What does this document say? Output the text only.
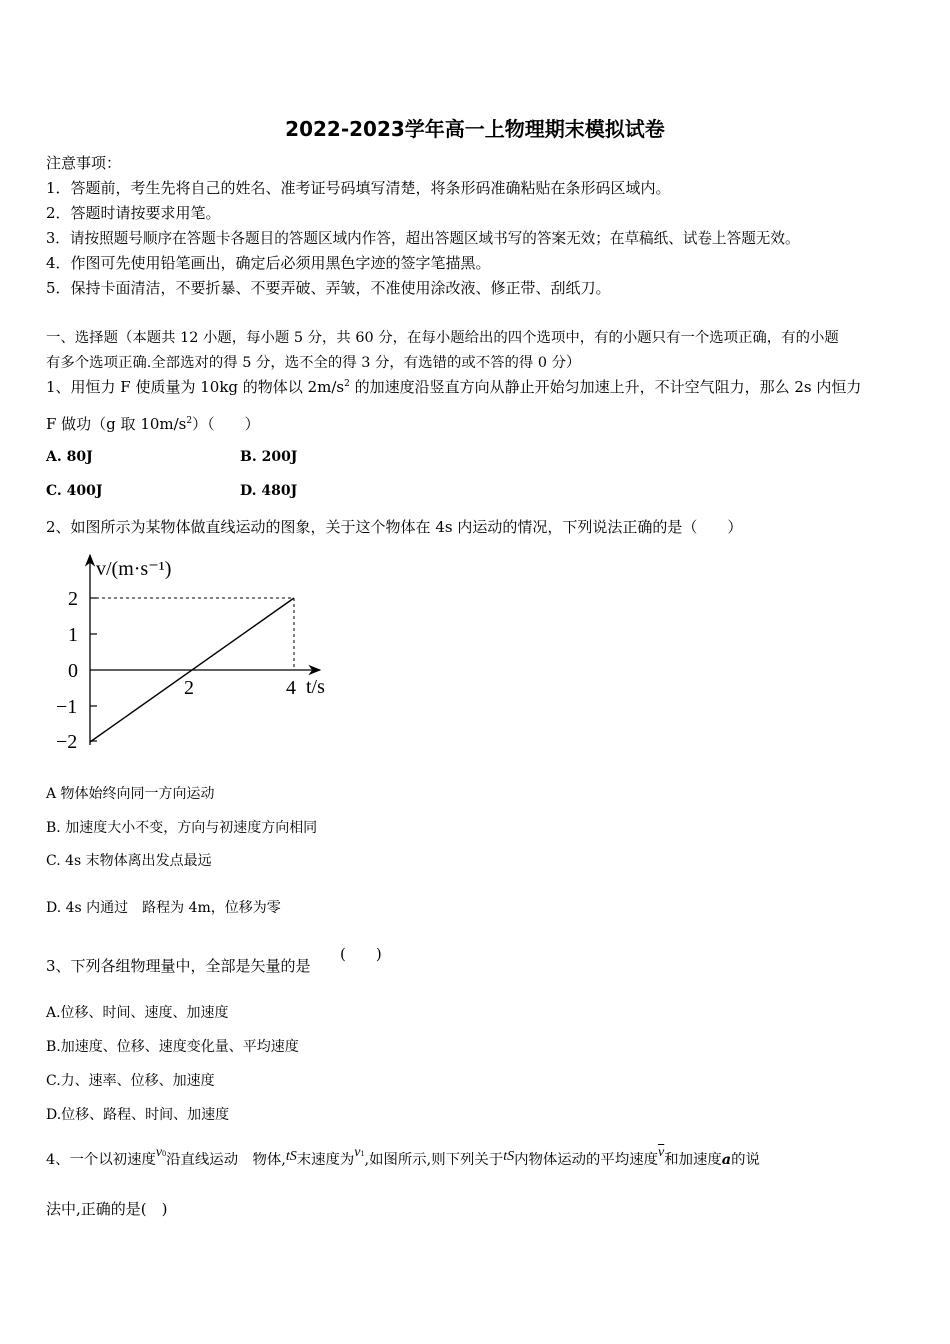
2022-2023学年高一上物理期末模拟试卷
注意事项：
1．答题前，考生先将自己的姓名、准考证号码填写清楚，将条形码准确粘贴在条形码区域内。
2．答题时请按要求用笔。
3．请按照题号顺序在答题卡各题目的答题区域内作答，超出答题区域书写的答案无效；在草稿纸、试卷上答题无效。
4．作图可先使用铅笔画出，确定后必须用黑色字迹的签字笔描黑。
5．保持卡面清洁，不要折暴、不要弄破、弄皱，不准使用涂改液、修正带、刮纸刀。
一、选择题（本题共 12 小题，每小题 5 分，共 60 分，在每小题给出的四个选项中，有的小题只有一个选项正确，有的小题
有多个选项正确.全部选对的得 5 分，选不全的得 3 分，有选错的或不答的得 0 分）
1、用恒力 F 使质量为 10kg 的物体以 $2m/s^2$ 的加速度沿竖直方向从静止开始匀加速上升，不计空气阻力，那么 2s 内恒力
F 做功（g 取 $10m/s^2$）（　　）
A. 80J	B. 200J
C. 400J	D. 480J
2、如图所示为某物体做直线运动的图象，关于这个物体在 4s 内运动的情况，下列说法正确的是（　　）
v/(m·s⁻¹)
t/s
2
1
0
−1
−2
2	4
A 物体始终向同一方向运动
B. 加速度大小不变，方向与初速度方向相同
C. 4s 末物体离出发点最远
D. 4s 内通过　路程为 4m，位移为零
3、下列各组物理量中，全部是矢量的是
(　　)
A.位移、时间、速度、加速度
B.加速度、位移、速度变化量、平均速度
C.力、速率、位移、加速度
D.位移、路程、时间、加速度
4、一个以初速度v0沿直线运动　物体,tS末速度为v1,如图所示,则下列关于tS内物体运动的平均速度$\overline{v}$和加速度a的说
法中,正确的是(　)
